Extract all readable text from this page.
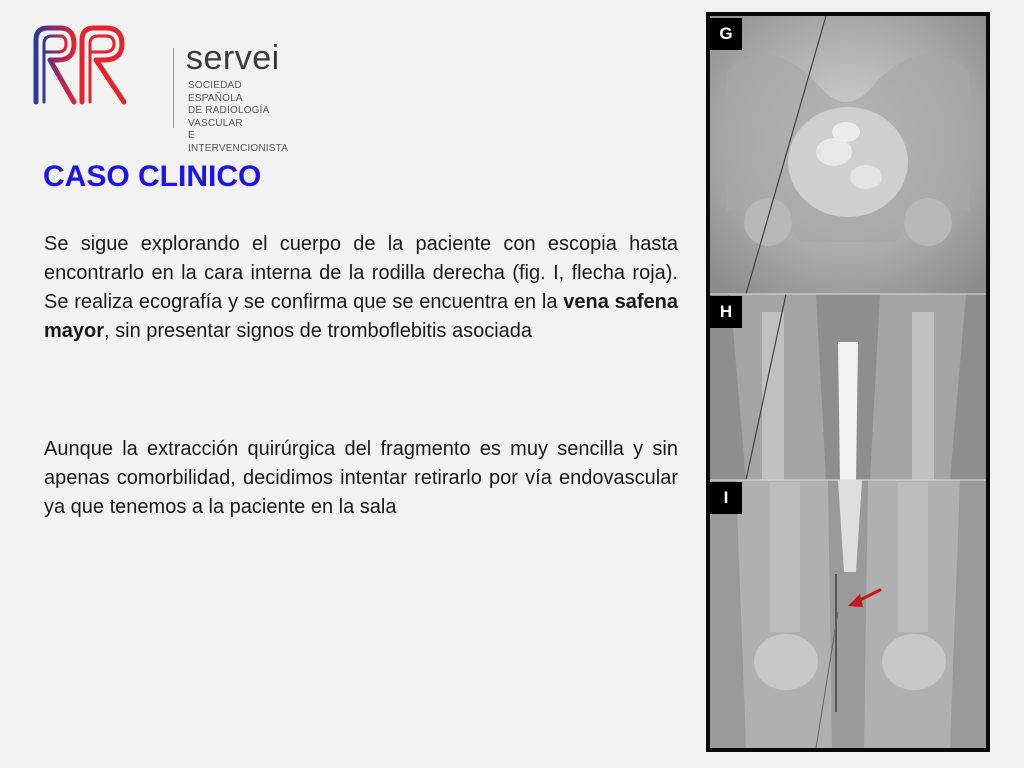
servei
SOCIEDAD ESPAÑOLA
DE RADIOLOGÍA
VASCULAR
E INTERVENCIONISTA
CASO CLINICO

Se sigue explorando el cuerpo de la paciente con escopia hasta encontrarlo en la cara interna de la rodilla derecha (fig. I, flecha roja). Se realiza ecografía y se confirma que se encuentra en la vena safena mayor, sin presentar signos de tromboflebitis asociada

Aunque la extracción quirúrgica del fragmento es muy sencilla y sin apenas comorbilidad, decidimos intentar retirarlo por vía endovascular ya que tenemos a la paciente en la sala

G
H
I
